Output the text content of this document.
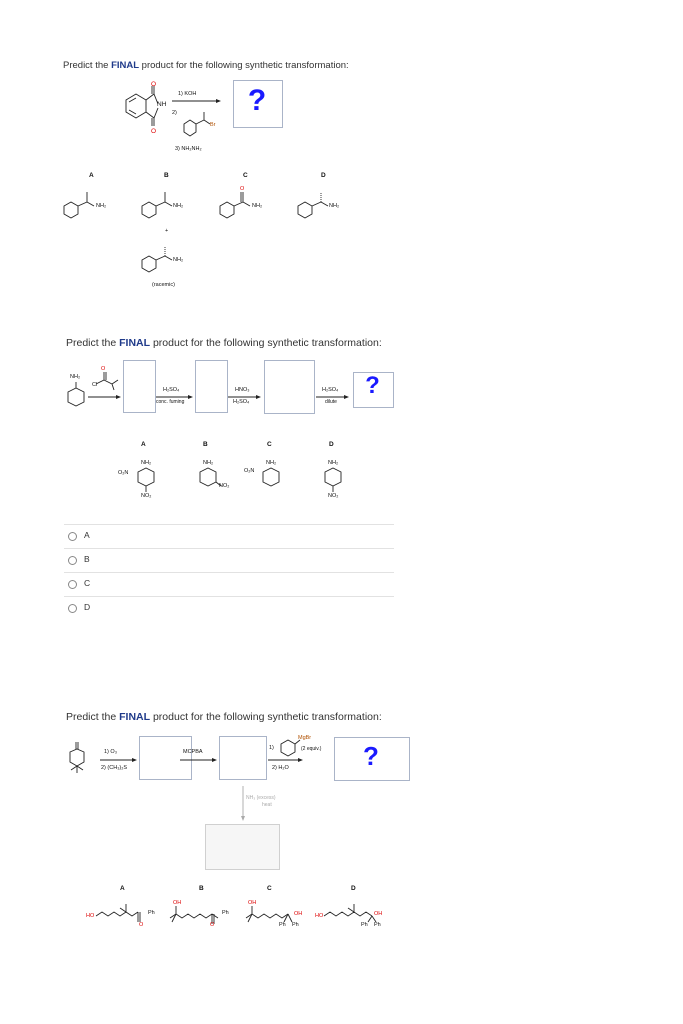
Predict the FINAL product for the following synthetic transformation:
NH
O
O
1) KOH
2)
Br
3) NH₂NH₂
?
A	B	C	D
NH₂	NH₂
+
NH₂
(racemic)
O
NH₂	NH₂
Predict the FINAL product for the following synthetic transformation:
NH₂
Cl
O
H₂SO₄
conc. fuming
HNO₃
H₂SO₄
H₂SO₄
dilute
?
A	B	C	D
NH₂
O₂N
NO₂
NH₂
NO₂
NH₂
O₂N
NH₂
NO₂
A
B
C
D
Predict the FINAL product for the following synthetic transformation:
1) O₃
2) (CH₃)₂S
MCPBA
1)
MgBr
(2 equiv.)
2) H₂O	?
NH₃ (excess)
heat
A	B	C	D
HO	Ph
O
OH
Ph
O
OH
OH
Ph Ph
HO	OH
Ph Ph
